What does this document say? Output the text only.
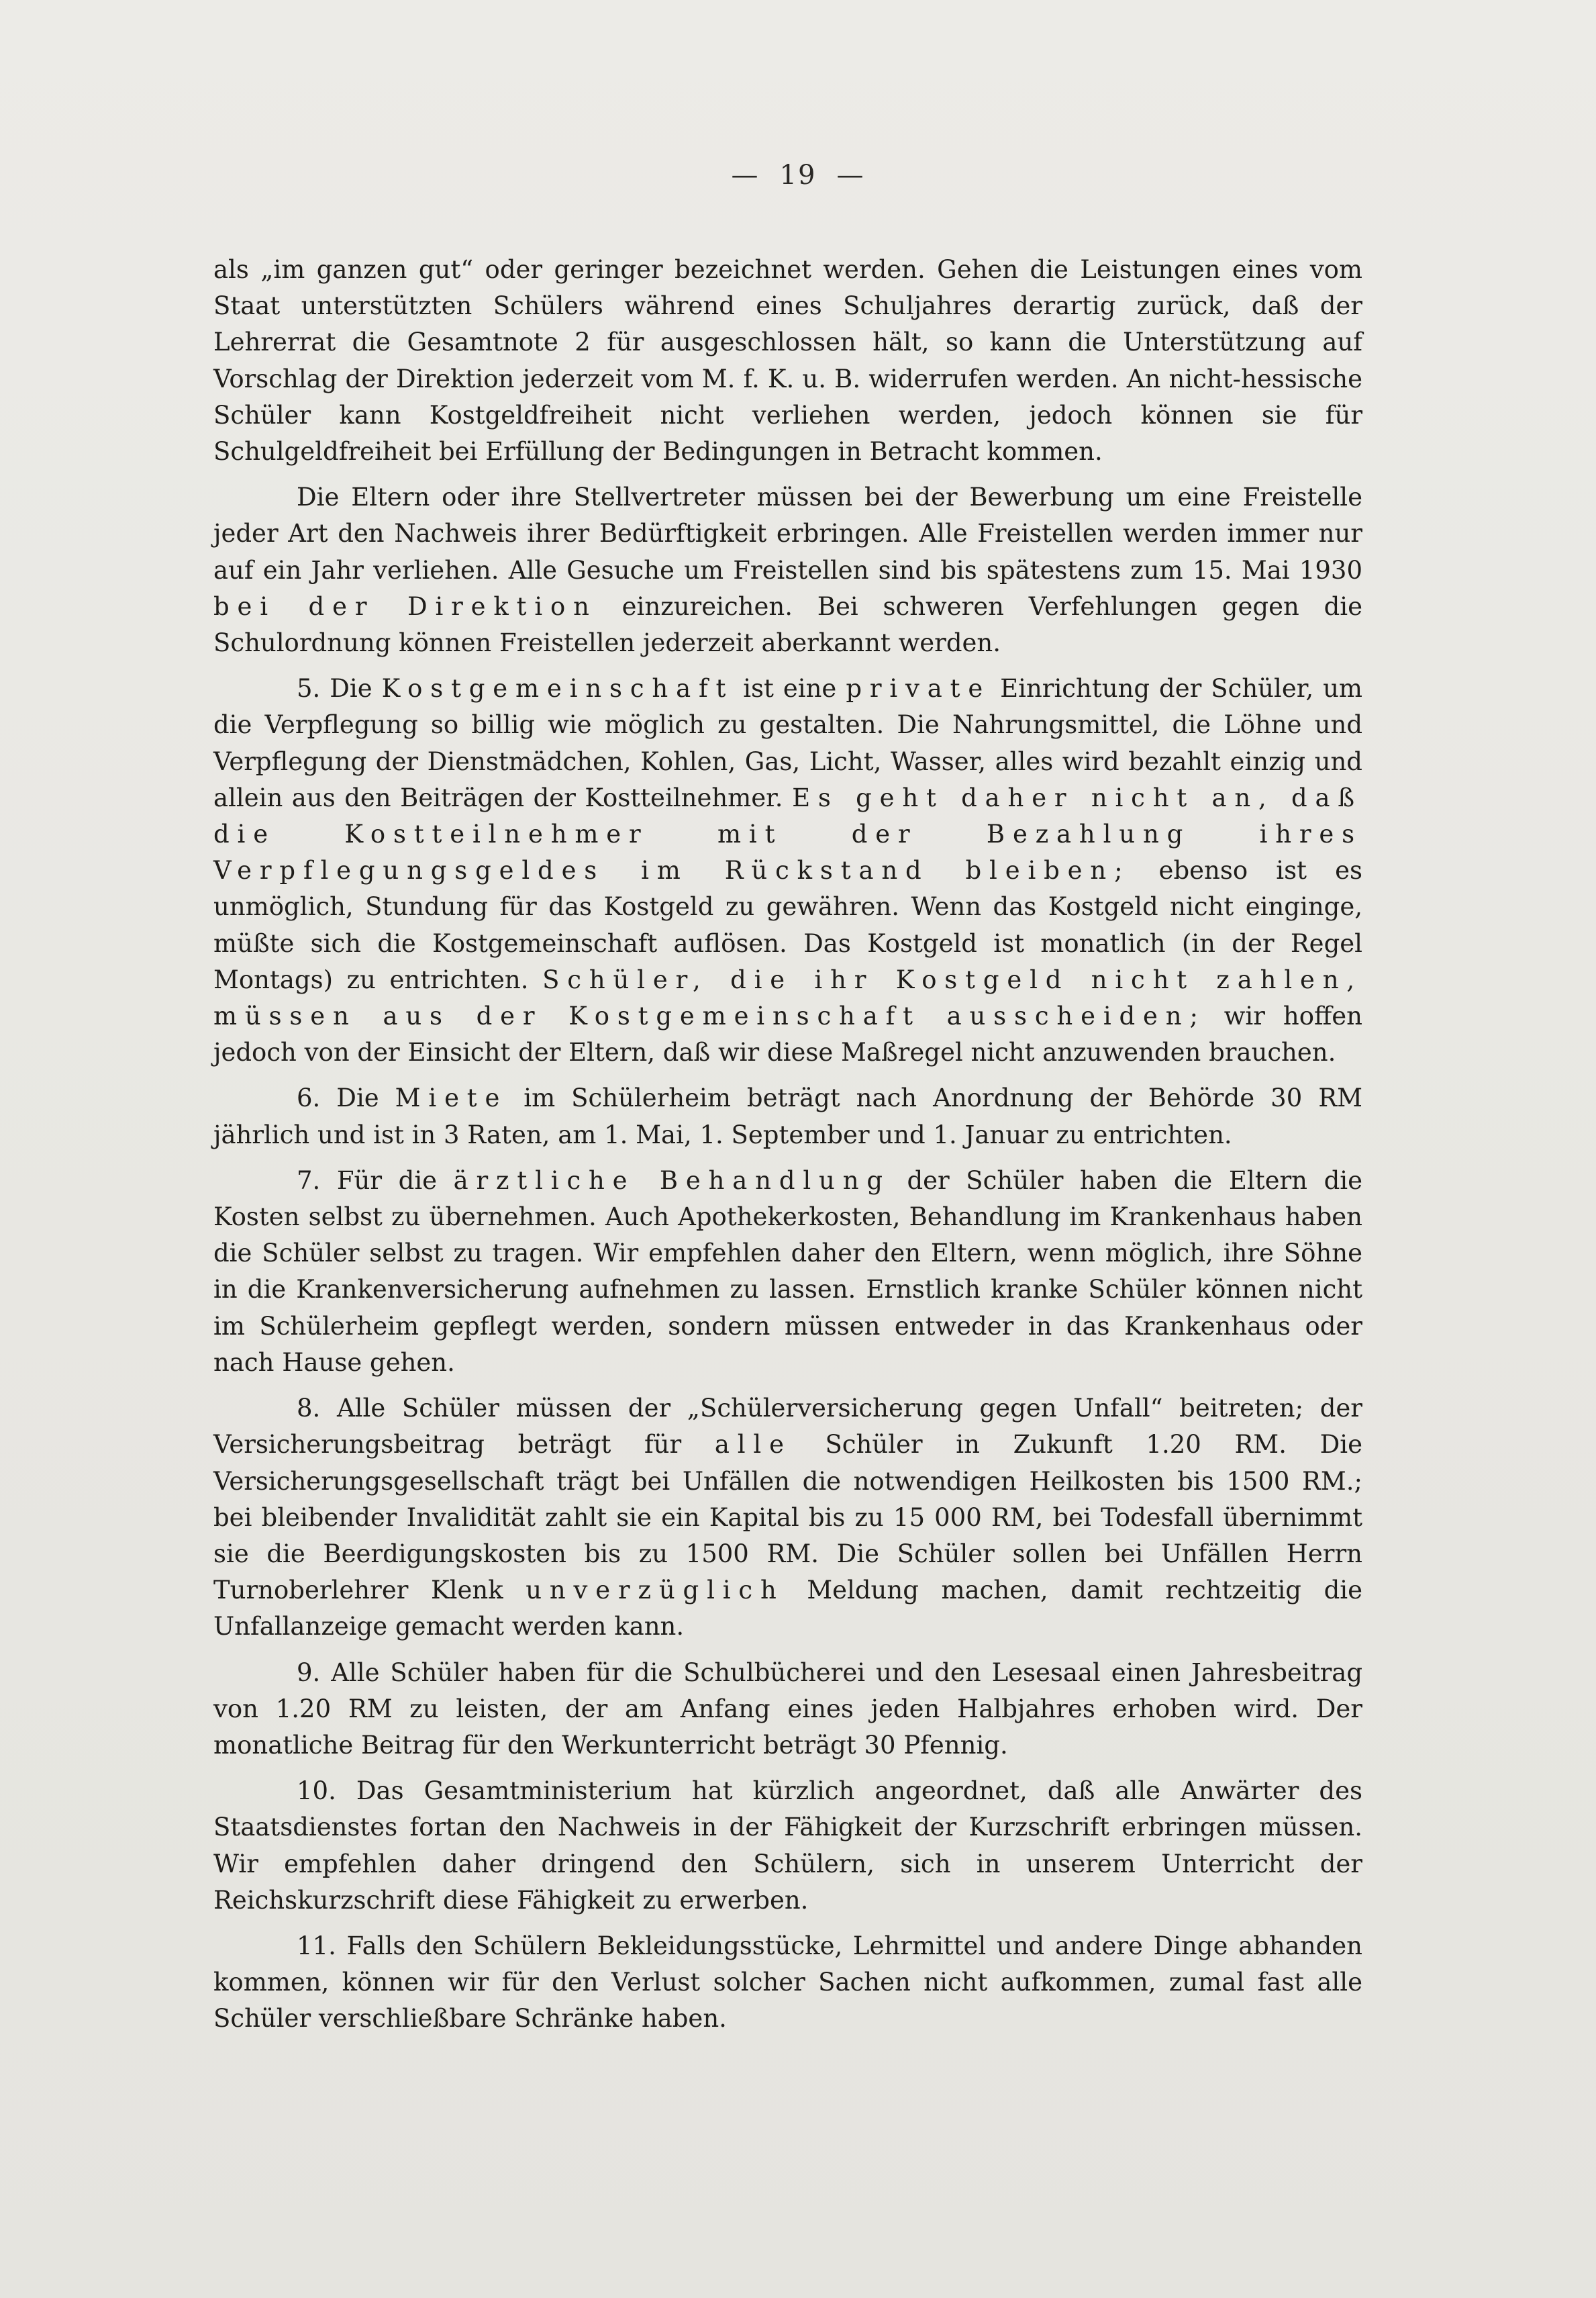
— 19 —

als „im ganzen gut“ oder geringer bezeichnet werden. Gehen die Leistungen eines vom Staat unterstützten Schülers während eines Schuljahres derartig zurück, daß der Lehrerrat die Gesamtnote 2 für ausgeschlossen hält, so kann die Unterstützung auf Vorschlag der Direktion jederzeit vom M. f. K. u. B. widerrufen werden. An nicht-hessische Schüler kann Kostgeldfreiheit nicht verliehen werden, jedoch können sie für Schulgeldfreiheit bei Erfüllung der Bedingungen in Betracht kommen.

Die Eltern oder ihre Stellvertreter müssen bei der Bewerbung um eine Freistelle jeder Art den Nachweis ihrer Bedürftigkeit erbringen. Alle Freistellen werden immer nur auf ein Jahr verliehen. Alle Gesuche um Freistellen sind bis spätestens zum 15. Mai 1930 bei der Direktion einzureichen. Bei schweren Verfehlungen gegen die Schulordnung können Freistellen jederzeit aberkannt werden.

5. Die Kostgemeinschaft ist eine private Einrichtung der Schüler, um die Verpflegung so billig wie möglich zu gestalten. Die Nahrungsmittel, die Löhne und Verpflegung der Dienstmädchen, Kohlen, Gas, Licht, Wasser, alles wird bezahlt einzig und allein aus den Beiträgen der Kostteilnehmer. Es geht daher nicht an, daß die Kostteilnehmer mit der Bezahlung ihres Verpflegungsgeldes im Rückstand bleiben; ebenso ist es unmöglich, Stundung für das Kostgeld zu gewähren. Wenn das Kostgeld nicht einginge, müßte sich die Kostgemeinschaft auflösen. Das Kostgeld ist monatlich (in der Regel Montags) zu entrichten. Schüler, die ihr Kostgeld nicht zahlen, müssen aus der Kostgemeinschaft ausscheiden; wir hoffen jedoch von der Einsicht der Eltern, daß wir diese Maßregel nicht anzuwenden brauchen.

6. Die Miete im Schülerheim beträgt nach Anordnung der Behörde 30 RM jährlich und ist in 3 Raten, am 1. Mai, 1. September und 1. Januar zu entrichten.

7. Für die ärztliche Behandlung der Schüler haben die Eltern die Kosten selbst zu übernehmen. Auch Apothekerkosten, Behandlung im Krankenhaus haben die Schüler selbst zu tragen. Wir empfehlen daher den Eltern, wenn möglich, ihre Söhne in die Krankenversicherung aufnehmen zu lassen. Ernstlich kranke Schüler können nicht im Schülerheim gepflegt werden, sondern müssen entweder in das Krankenhaus oder nach Hause gehen.

8. Alle Schüler müssen der „Schülerversicherung gegen Unfall“ beitreten; der Versicherungsbeitrag beträgt für alle Schüler in Zukunft 1.20 RM. Die Versicherungsgesellschaft trägt bei Unfällen die notwendigen Heilkosten bis 1500 RM.; bei bleibender Invalidität zahlt sie ein Kapital bis zu 15 000 RM, bei Todesfall übernimmt sie die Beerdigungskosten bis zu 1500 RM. Die Schüler sollen bei Unfällen Herrn Turnoberlehrer Klenk unverzüglich Meldung machen, damit rechtzeitig die Unfallanzeige gemacht werden kann.

9. Alle Schüler haben für die Schulbücherei und den Lesesaal einen Jahresbeitrag von 1.20 RM zu leisten, der am Anfang eines jeden Halbjahres erhoben wird. Der monatliche Beitrag für den Werkunterricht beträgt 30 Pfennig.

10. Das Gesamtministerium hat kürzlich angeordnet, daß alle Anwärter des Staatsdienstes fortan den Nachweis in der Fähigkeit der Kurzschrift erbringen müssen. Wir empfehlen daher dringend den Schülern, sich in unserem Unterricht der Reichskurzschrift diese Fähigkeit zu erwerben.

11. Falls den Schülern Bekleidungsstücke, Lehrmittel und andere Dinge abhanden kommen, können wir für den Verlust solcher Sachen nicht aufkommen, zumal fast alle Schüler verschließbare Schränke haben.
